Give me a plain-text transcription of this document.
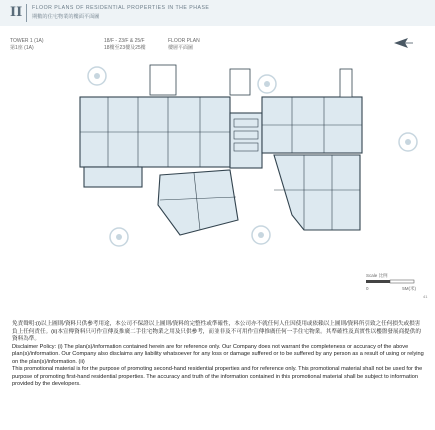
II FLOOR PLANS OF RESIDENTIAL PROPERTIES IN THE PHASE
期數的住宅物業的樓面平面圖
TOWER 1 (1A)
第1座 (1A)
18/F - 23/F & 25/F
18樓至23樓及25樓
FLOOR PLAN
樓層平面圖
Scale 比例
0	5M(米)
41

免責聲明:(i)以上圖則/資料只供參考用途，本公司不保證以上圖則/資料的完整性或準確性，本公司亦不就任何人仕因使用或依賴以上圖則/資料所引致之任何損失或損害負上任何責任。(ii)本宣傳資料只可作宣傳及推廣二手住宅物業之用及只供參考，而並非及不可用作宣傳推廣任何一手住宅物業。其準確性及真實性以樓盤發展商提供的資料為準。

Disclaimer Policy: (i) The plan(s)/information contained herein are for reference only. Our Company does not warrant the completeness or accuracy of the above plan(s)/information. Our Company also disclaims any liability whatsoever for any loss or damage suffered or to be suffered by any person as a result of using or relying on the plan(s)/information. (ii)

This promotional material is for the purpose of promoting second-hand residential properties and for reference only. This promotional material shall not be used for the purpose of promoting first-hand residential properties. The accuracy and truth of the information contained in this promotional material shall be subject to information provided by the developers.
